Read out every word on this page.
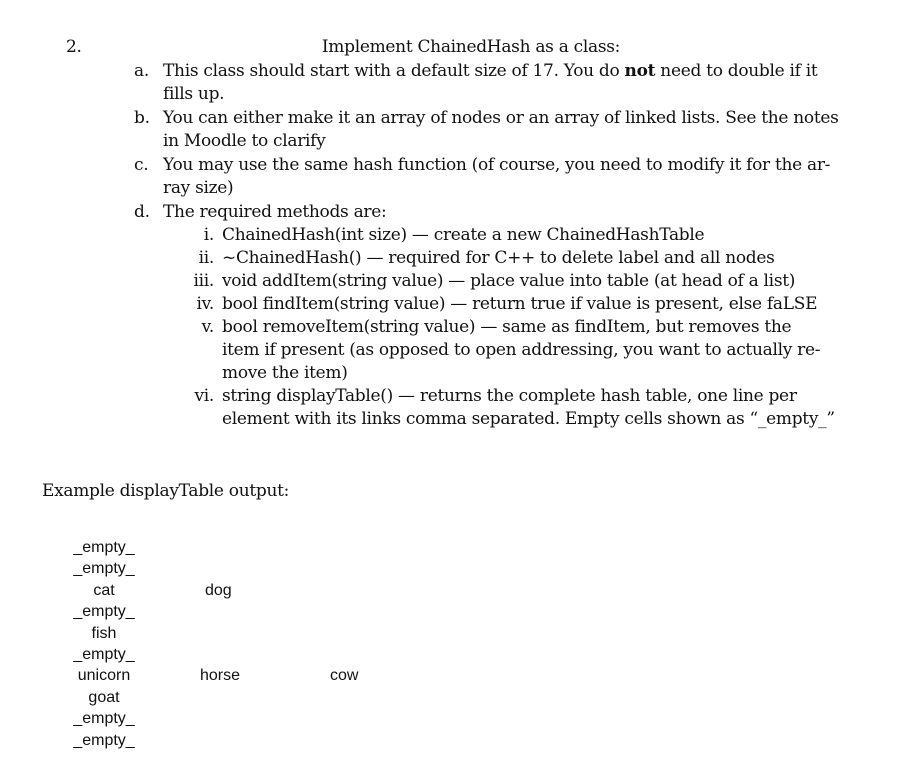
2.	Implement ChainedHash as a class:
a. This class should start with a default size of 17. You do not need to double if it
fills up.
b. You can either make it an array of nodes or an array of linked lists. See the notes
in Moodle to clarify
c. You may use the same hash function (of course, you need to modify it for the ar-
ray size)
d. The required methods are:
i. ChainedHash(int size) — create a new ChainedHashTable
ii. ~ChainedHash() — required for C++ to delete label and all nodes
iii. void addItem(string value) — place value into table (at head of a list)
iv. bool findItem(string value) — return true if value is present, else faLSE
v. bool removeItem(string value) — same as findItem, but removes the
item if present (as opposed to open addressing, you want to actually re-
move the item)
vi. string displayTable() — returns the complete hash table, one line per
element with its links comma separated. Empty cells shown as “_empty_”
Example displayTable output:
_empty_
_empty_
cat
_empty_
fish
_empty_
unicorn
goat
_empty_
_empty_
dog
horse	cow
